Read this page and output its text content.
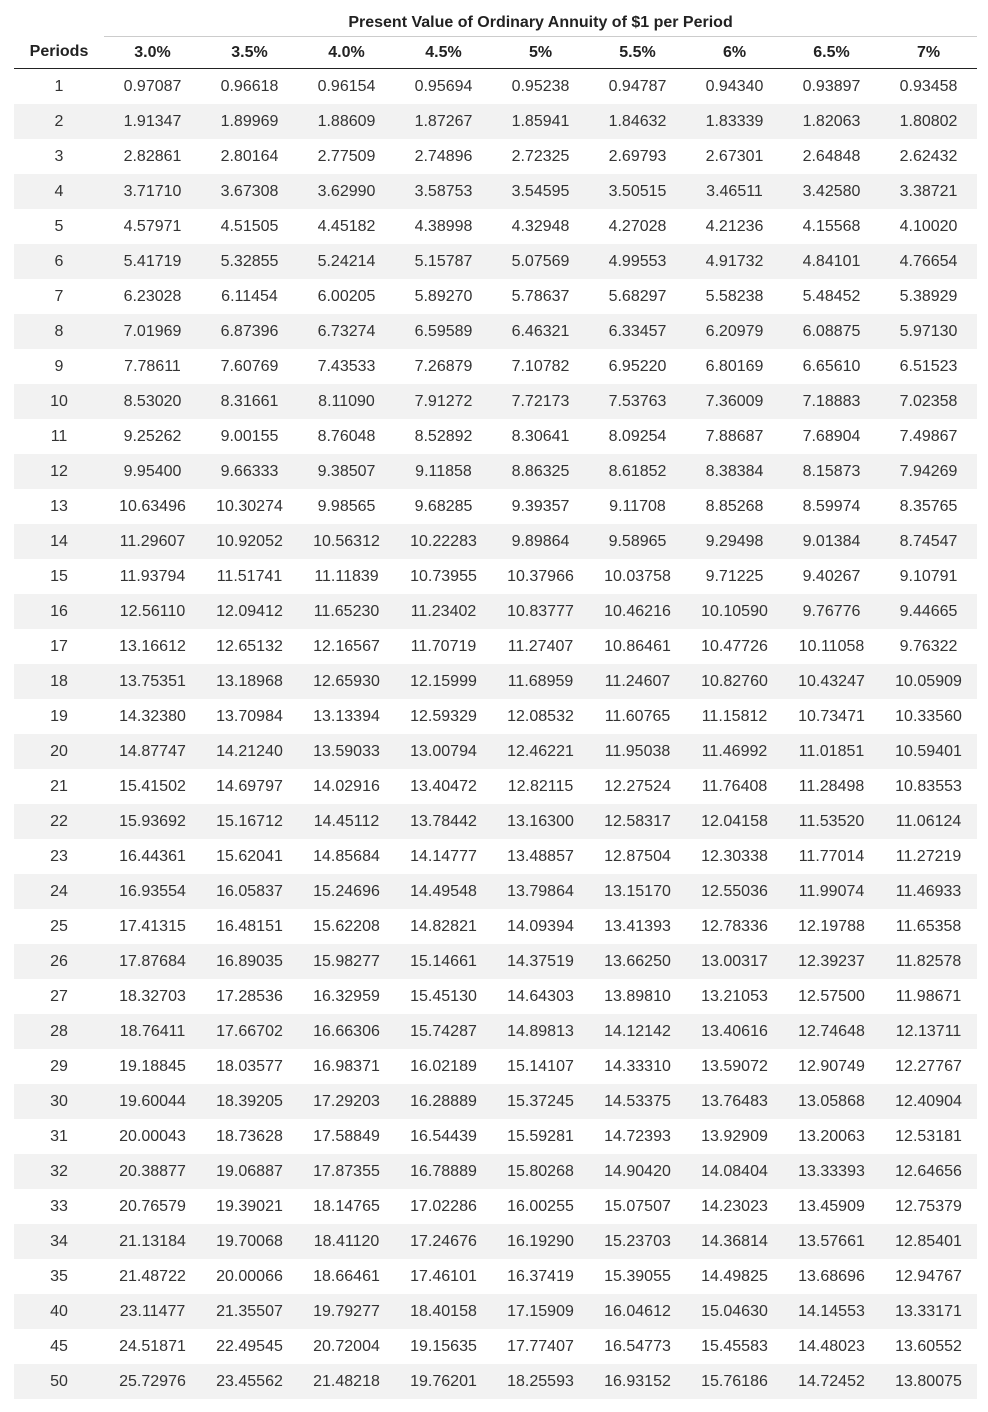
	Present Value of Ordinary Annuity of $1 per Period								
Periods	3.0%	3.5%	4.0%	4.5%	5%	5.5%	6%	6.5%	7%
1	0.97087	0.96618	0.96154	0.95694	0.95238	0.94787	0.94340	0.93897	0.93458
2	1.91347	1.89969	1.88609	1.87267	1.85941	1.84632	1.83339	1.82063	1.80802
3	2.82861	2.80164	2.77509	2.74896	2.72325	2.69793	2.67301	2.64848	2.62432
4	3.71710	3.67308	3.62990	3.58753	3.54595	3.50515	3.46511	3.42580	3.38721
5	4.57971	4.51505	4.45182	4.38998	4.32948	4.27028	4.21236	4.15568	4.10020
6	5.41719	5.32855	5.24214	5.15787	5.07569	4.99553	4.91732	4.84101	4.76654
7	6.23028	6.11454	6.00205	5.89270	5.78637	5.68297	5.58238	5.48452	5.38929
8	7.01969	6.87396	6.73274	6.59589	6.46321	6.33457	6.20979	6.08875	5.97130
9	7.78611	7.60769	7.43533	7.26879	7.10782	6.95220	6.80169	6.65610	6.51523
10	8.53020	8.31661	8.11090	7.91272	7.72173	7.53763	7.36009	7.18883	7.02358
11	9.25262	9.00155	8.76048	8.52892	8.30641	8.09254	7.88687	7.68904	7.49867
12	9.95400	9.66333	9.38507	9.11858	8.86325	8.61852	8.38384	8.15873	7.94269
13	10.63496	10.30274	9.98565	9.68285	9.39357	9.11708	8.85268	8.59974	8.35765
14	11.29607	10.92052	10.56312	10.22283	9.89864	9.58965	9.29498	9.01384	8.74547
15	11.93794	11.51741	11.11839	10.73955	10.37966	10.03758	9.71225	9.40267	9.10791
16	12.56110	12.09412	11.65230	11.23402	10.83777	10.46216	10.10590	9.76776	9.44665
17	13.16612	12.65132	12.16567	11.70719	11.27407	10.86461	10.47726	10.11058	9.76322
18	13.75351	13.18968	12.65930	12.15999	11.68959	11.24607	10.82760	10.43247	10.05909
19	14.32380	13.70984	13.13394	12.59329	12.08532	11.60765	11.15812	10.73471	10.33560
20	14.87747	14.21240	13.59033	13.00794	12.46221	11.95038	11.46992	11.01851	10.59401
21	15.41502	14.69797	14.02916	13.40472	12.82115	12.27524	11.76408	11.28498	10.83553
22	15.93692	15.16712	14.45112	13.78442	13.16300	12.58317	12.04158	11.53520	11.06124
23	16.44361	15.62041	14.85684	14.14777	13.48857	12.87504	12.30338	11.77014	11.27219
24	16.93554	16.05837	15.24696	14.49548	13.79864	13.15170	12.55036	11.99074	11.46933
25	17.41315	16.48151	15.62208	14.82821	14.09394	13.41393	12.78336	12.19788	11.65358
26	17.87684	16.89035	15.98277	15.14661	14.37519	13.66250	13.00317	12.39237	11.82578
27	18.32703	17.28536	16.32959	15.45130	14.64303	13.89810	13.21053	12.57500	11.98671
28	18.76411	17.66702	16.66306	15.74287	14.89813	14.12142	13.40616	12.74648	12.13711
29	19.18845	18.03577	16.98371	16.02189	15.14107	14.33310	13.59072	12.90749	12.27767
30	19.60044	18.39205	17.29203	16.28889	15.37245	14.53375	13.76483	13.05868	12.40904
31	20.00043	18.73628	17.58849	16.54439	15.59281	14.72393	13.92909	13.20063	12.53181
32	20.38877	19.06887	17.87355	16.78889	15.80268	14.90420	14.08404	13.33393	12.64656
33	20.76579	19.39021	18.14765	17.02286	16.00255	15.07507	14.23023	13.45909	12.75379
34	21.13184	19.70068	18.41120	17.24676	16.19290	15.23703	14.36814	13.57661	12.85401
35	21.48722	20.00066	18.66461	17.46101	16.37419	15.39055	14.49825	13.68696	12.94767
40	23.11477	21.35507	19.79277	18.40158	17.15909	16.04612	15.04630	14.14553	13.33171
45	24.51871	22.49545	20.72004	19.15635	17.77407	16.54773	15.45583	14.48023	13.60552
50	25.72976	23.45562	21.48218	19.76201	18.25593	16.93152	15.76186	14.72452	13.80075
